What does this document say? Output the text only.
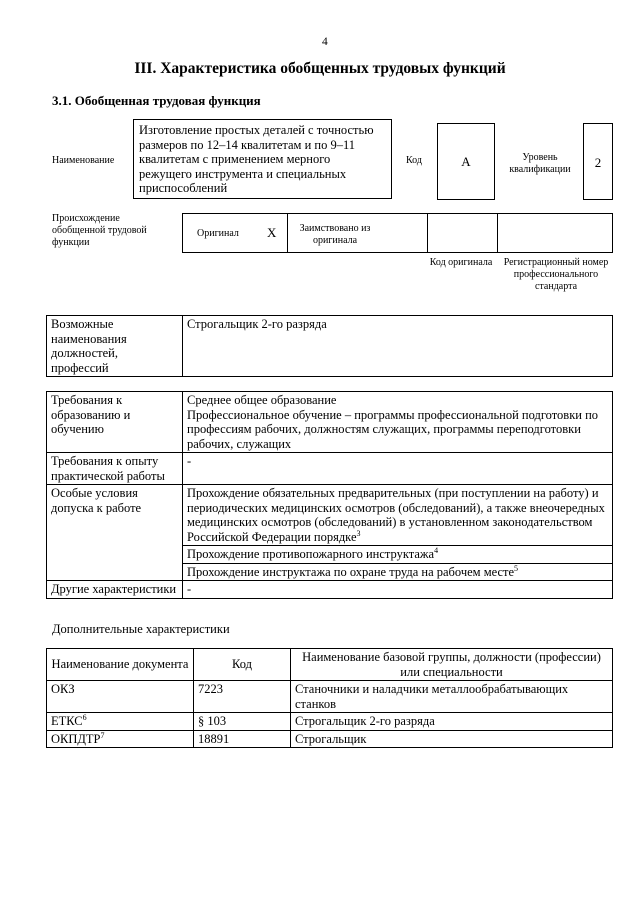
4
III. Характеристика обобщенных трудовых функций
3.1. Обобщенная трудовая функция
Наименование
Изготовление простых деталей с точностью размеров по 12–14 квалитетам и по 9–11 квалитетам с применением мерного режущего инструмента и специальных приспособлений
Код	А	Уровень квалификации	2
Происхождение обобщенной трудовой функции
Оригинал Х	Заимствовано из оригинала
Код оригинала	Регистрационный номер профессионального стандарта
Возможные наименования должностей, профессий	Строгальщик 2-го разряда
Требования к образованию и обучению	Среднее общее образование
Профессиональное обучение – программы профессиональной подготовки по профессиям рабочих, должностям служащих, программы переподготовки рабочих, служащих

Требования к опыту практической работы	-
Особые условия допуска к работе	Прохождение обязательных предварительных (при поступлении на работу) и периодических медицинских осмотров (обследований), а также внеочередных медицинских осмотров (обследований) в установленном законодательством Российской Федерации порядке$^3$
Прохождение противопожарного инструктажа$^4$
Прохождение инструктажа по охране труда на рабочем месте$^5$

Другие характеристики	-
Дополнительные характеристики
Наименование документа	Код	Наименование базовой группы, должности (профессии) или специальности
ОКЗ	7223	Станочники и наладчики металлообрабатывающих станков
ЕТКС$^6$	§ 103	Строгальщик 2-го разряда
ОКПДТР$^7$	18891	Строгальщик
